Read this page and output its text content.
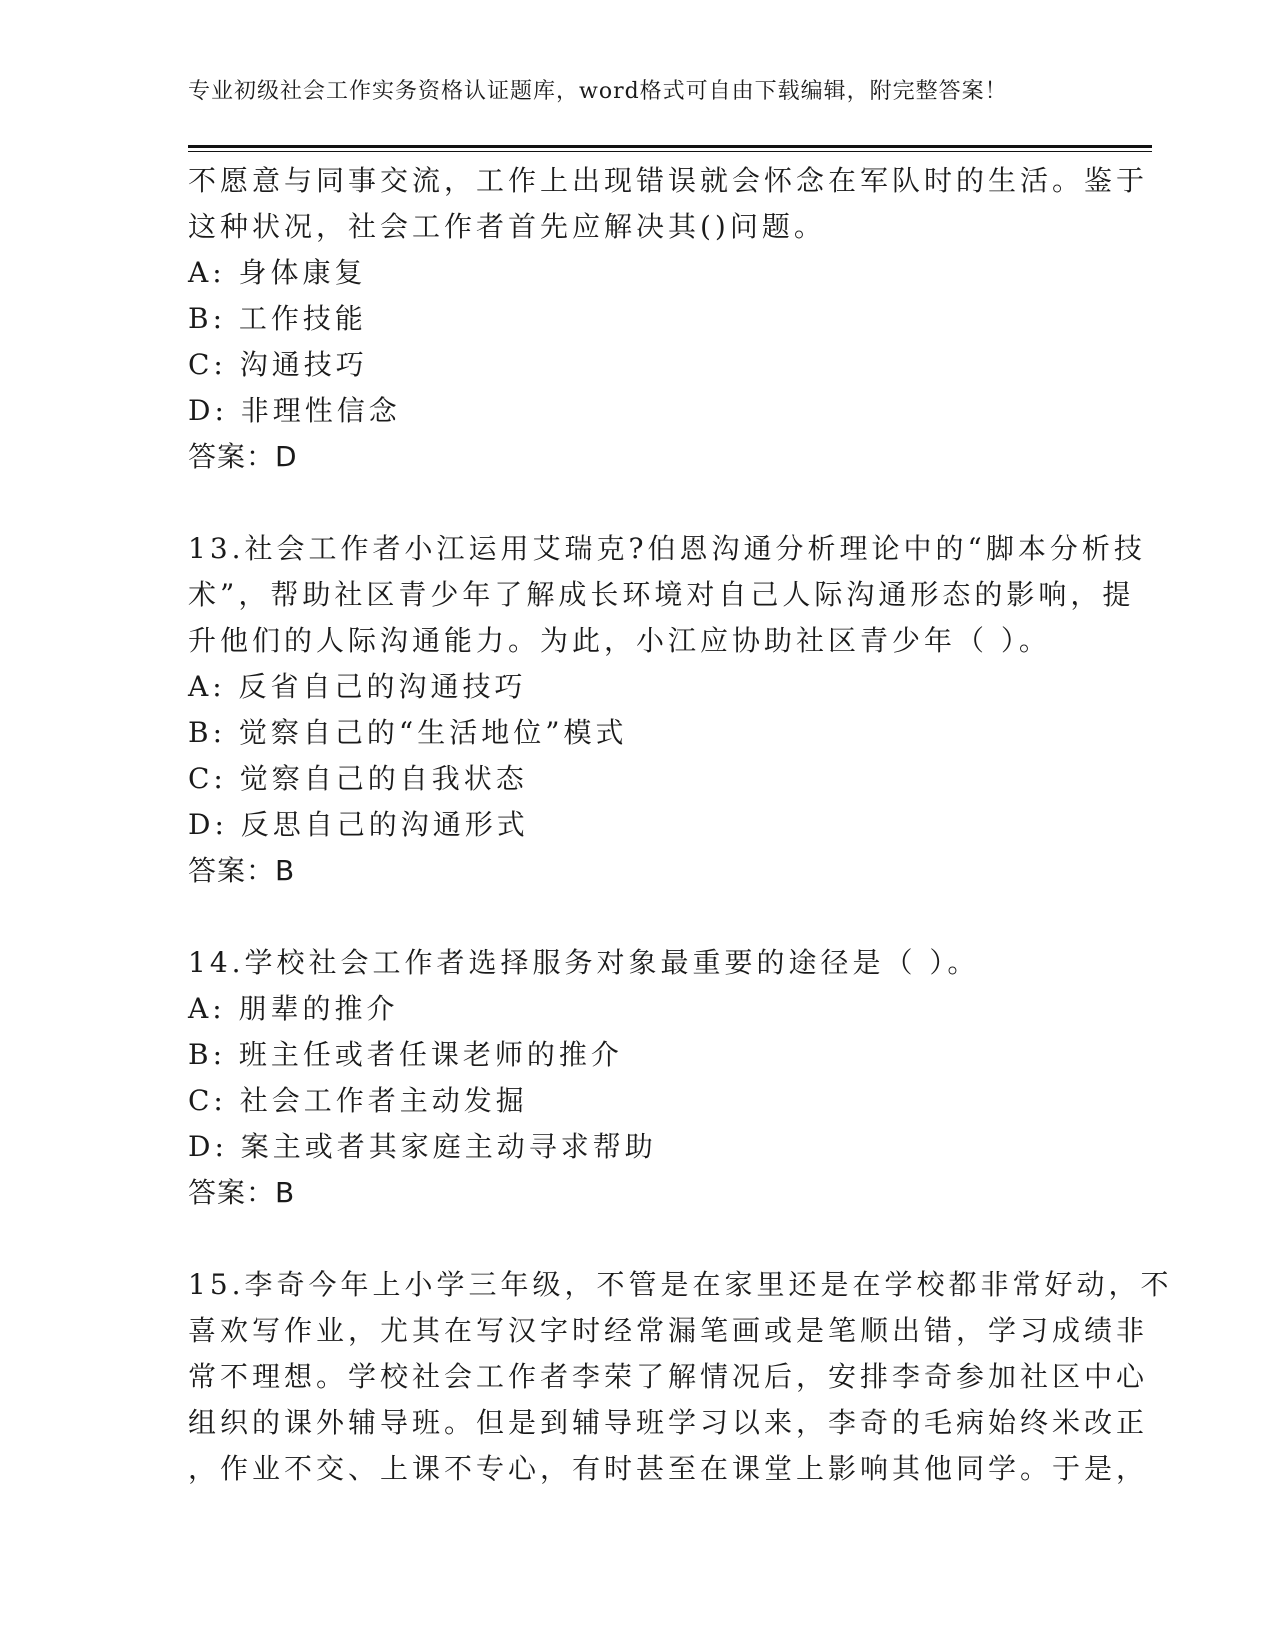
专业初级社会工作实务资格认证题库，word格式可自由下载编辑，附完整答案！
不愿意与同事交流，工作上出现错误就会怀念在军队时的生活。鉴于
这种状况，社会工作者首先应解决其()问题。
A: 身体康复
B: 工作技能
C: 沟通技巧
D: 非理性信念
答案：D
13.社会工作者小江运用艾瑞克?伯恩沟通分析理论中的“脚本分析技
术”，帮助社区青少年了解成长环境对自己人际沟通形态的影响，提
升他们的人际沟通能力。为此，小江应协助社区青少年（ ）。
A: 反省自己的沟通技巧
B: 觉察自己的“生活地位”模式
C: 觉察自己的自我状态
D: 反思自己的沟通形式
答案：B
14.学校社会工作者选择服务对象最重要的途径是（ ）。
A: 朋辈的推介
B: 班主任或者任课老师的推介
C: 社会工作者主动发掘
D: 案主或者其家庭主动寻求帮助
答案：B
15.李奇今年上小学三年级，不管是在家里还是在学校都非常好动，不
喜欢写作业，尤其在写汉字时经常漏笔画或是笔顺出错，学习成绩非
常不理想。学校社会工作者李荣了解情况后，安排李奇参加社区中心
组织的课外辅导班。但是到辅导班学习以来，李奇的毛病始终米改正
，作业不交、上课不专心，有时甚至在课堂上影响其他同学。于是，
